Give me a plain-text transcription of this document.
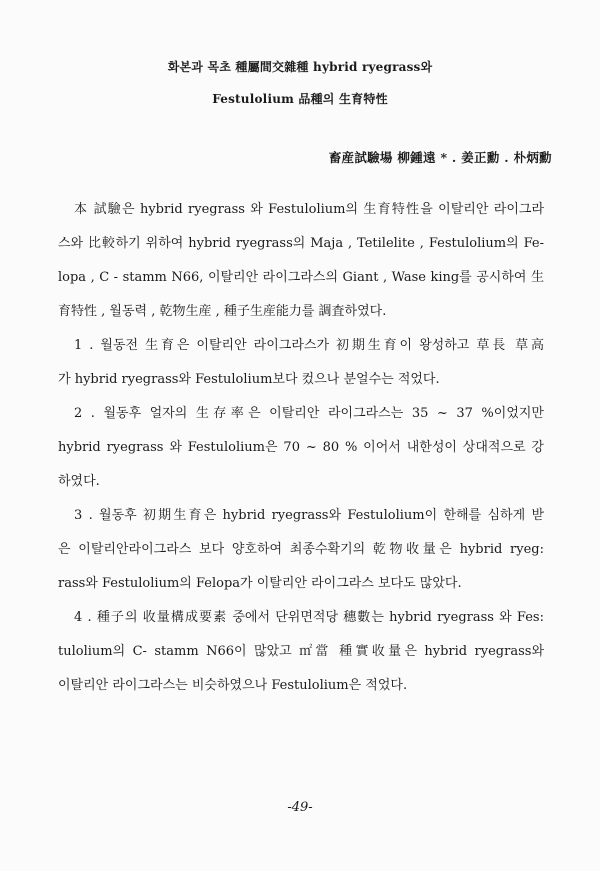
화본과 목초 種屬間交雜種 hybrid ryegrass와
Festulolium 品種의 生育特性
畜産試驗場 柳鍾遠 * . 姜正勳 . 朴炳勳
本 試驗은 hybrid ryegrass 와 Festulolium의 生育特性을 이탈리안 라이그라
스와 比較하기 위하여 hybrid ryegrass의 Maja , Tetilelite , Festulolium의 Fe-
lopa , C - stamm N66, 이탈리안 라이그라스의 Giant , Wase king를 공시하여 生
育特性 , 월동력 , 乾物生産 , 種子生産能力를 調査하였다.
1 . 월동전 生育은 이탈리안 라이그라스가 初期生育이 왕성하고 草長 草高
가 hybrid ryegrass와 Festulolium보다 컸으나 분얼수는 적었다.
2 . 월동후 얼자의 生存率은 이탈리안 라이그라스는 35 ~ 37 %이었지만
hybrid ryegrass 와 Festulolium은 70 ~ 80 % 이어서 내한성이 상대적으로 강
하였다.
3 . 월동후 初期生育은 hybrid ryegrass와 Festulolium이 한해를 심하게 받
은 이탈리안라이그라스 보다 양호하여 최종수확기의 乾物收量은 hybrid ryeg:
rass와 Festulolium의 Felopa가 이탈리안 라이그라스 보다도 많았다.
4 . 種子의 收量構成要素 중에서 단위면적당 穗數는 hybrid ryegrass 와 Fes:
tulolium의 C- stamm N66이 많았고 ㎡當 種實收量은 hybrid ryegrass와
이탈리안 라이그라스는 비슷하였으나 Festulolium은 적었다.
-49-
